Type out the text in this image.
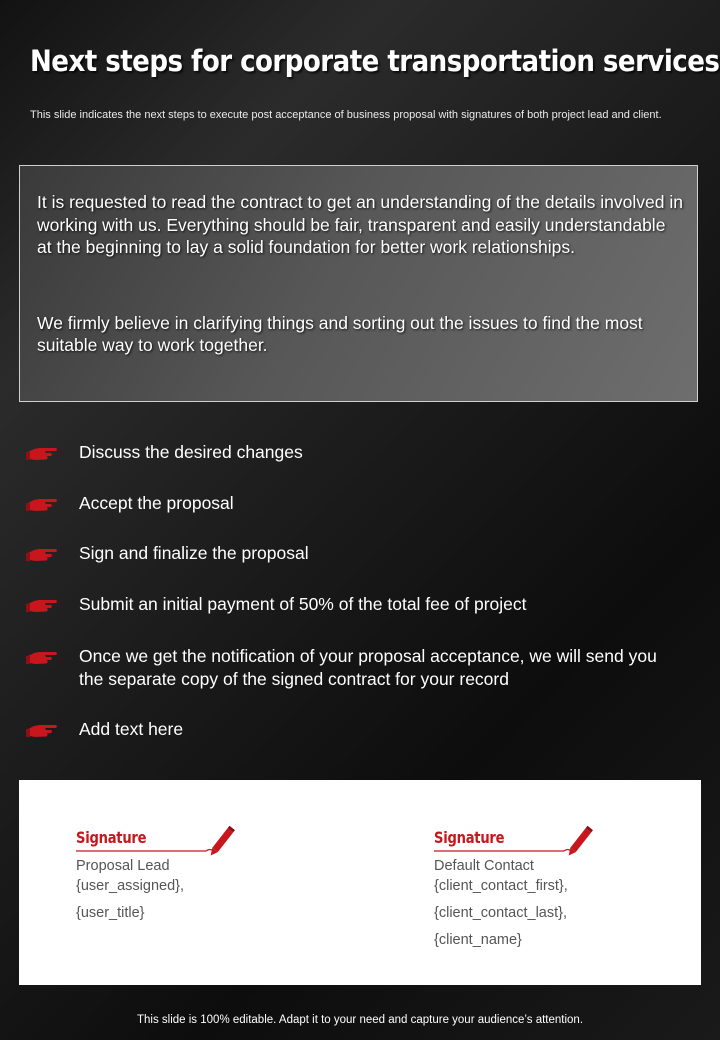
Next steps for corporate transportation services
This slide indicates the next steps to execute post acceptance of business proposal with signatures of both project lead and client.

It is requested to read the contract to get an understanding of the details involved in working with us. Everything should be fair, transparent and easily understandable at the beginning to lay a solid foundation for better work relationships.

We firmly believe in clarifying things and sorting out the issues to find the most suitable way to work together.

Discuss the desired changes
Accept the proposal
Sign and finalize the proposal
Submit an initial payment of 50% of the total fee of project
Once we get the notification of your proposal acceptance, we will send you the separate copy of the signed contract for your record
Add text here
Signature
Proposal Lead
{user_assigned},
{user_title}
Signature
Default Contact
{client_contact_first},
{client_contact_last},
{client_name}
This slide is 100% editable. Adapt it to your need and capture your audience’s attention.
